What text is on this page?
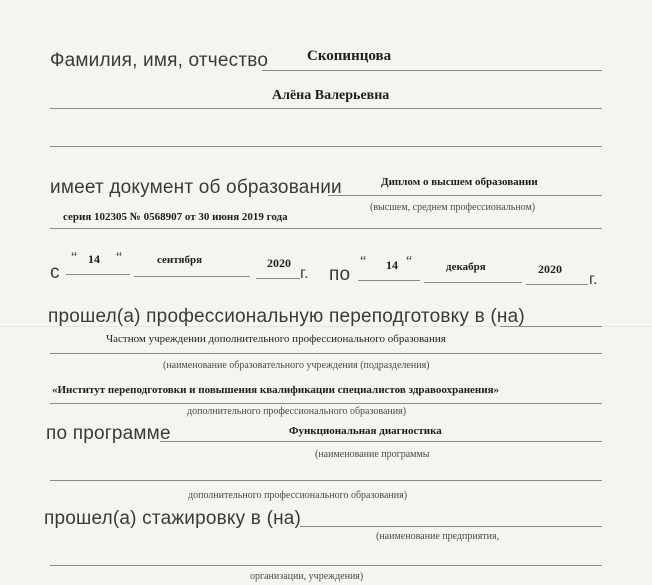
Фамилия, имя, отчество	Скопинцова
Алёна Валерьевна
имеет документ об образовании	Диплом о высшем образовании
(высшем, среднем профессиональном)
серия 102305 № 0568907 от 30 июня 2019 года
с
“ 14 “	сентября	2020
г. по
“ 14 “	декабря	2020
г.
прошел(а) профессиональную переподготовку в (на)
Частном учреждении дополнительного профессионального образования
(наименование образовательного учреждения (подразделения)
«Институт переподготовки и повышения квалификации специалистов здравоохранения»
дополнительного профессионального образования)
по программе	Функциональная диагностика
(наименование программы
дополнительного профессионального образования)
прошел(а) стажировку в (на)
(наименование предприятия,
организации, учреждения)
